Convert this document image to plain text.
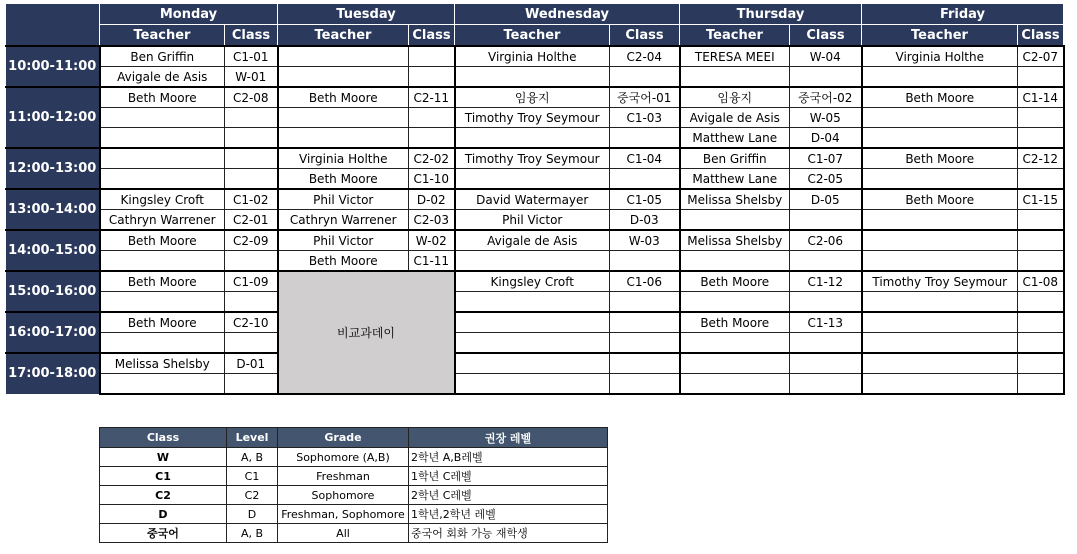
	Monday		Tuesday		Wednesday		Thursday		Friday	
	Teacher	Class	Teacher	Class	Teacher	Class	Teacher	Class	Teacher	Class
10:00-11:00	Ben Griffin	C1-01			Virginia Holthe	C2-04	TERESA MEEI	W-04	Virginia Holthe	C2-07
	Avigale de Asis	W-01								
11:00-12:00	Beth Moore	C2-08	Beth Moore	C2-11	임융지	중국어-01	임융지	중국어-02	Beth Moore	C1-14
					Timothy Troy Seymour	C1-03	Avigale de Asis	W-05		
							Matthew Lane	D-04		
12:00-13:00			Virginia Holthe	C2-02	Timothy Troy Seymour	C1-04	Ben Griffin	C1-07	Beth Moore	C2-12
			Beth Moore	C1-10			Matthew Lane	C2-05		
13:00-14:00	Kingsley Croft	C1-02	Phil Victor	D-02	David Watermayer	C1-05	Melissa Shelsby	D-05	Beth Moore	C1-15
	Cathryn Warrener	C2-01	Cathryn Warrener	C2-03	Phil Victor	D-03				
14:00-15:00	Beth Moore	C2-09	Phil Victor	W-02	Avigale de Asis	W-03	Melissa Shelsby	C2-06		
			Beth Moore	C1-11						
15:00-16:00	Beth Moore	C1-09	비교과데이		Kingsley Croft	C1-06	Beth Moore	C1-12	Timothy Troy Seymour	C1-08

16:00-17:00	Beth Moore	C2-10					Beth Moore	C1-13		

17:00-18:00	Melissa Shelsby	D-01								

Class	Level	Grade	권장 레벨
W	A, B	Sophomore (A,B)	2학년 A,B레벨
C1	C1	Freshman	1학년 C레벨
C2	C2	Sophomore	2학년 C레벨
D	D	Freshman, Sophomore	1학년,2학년 레벨
중국어	A, B	All	중국어 회화 가능 재학생
